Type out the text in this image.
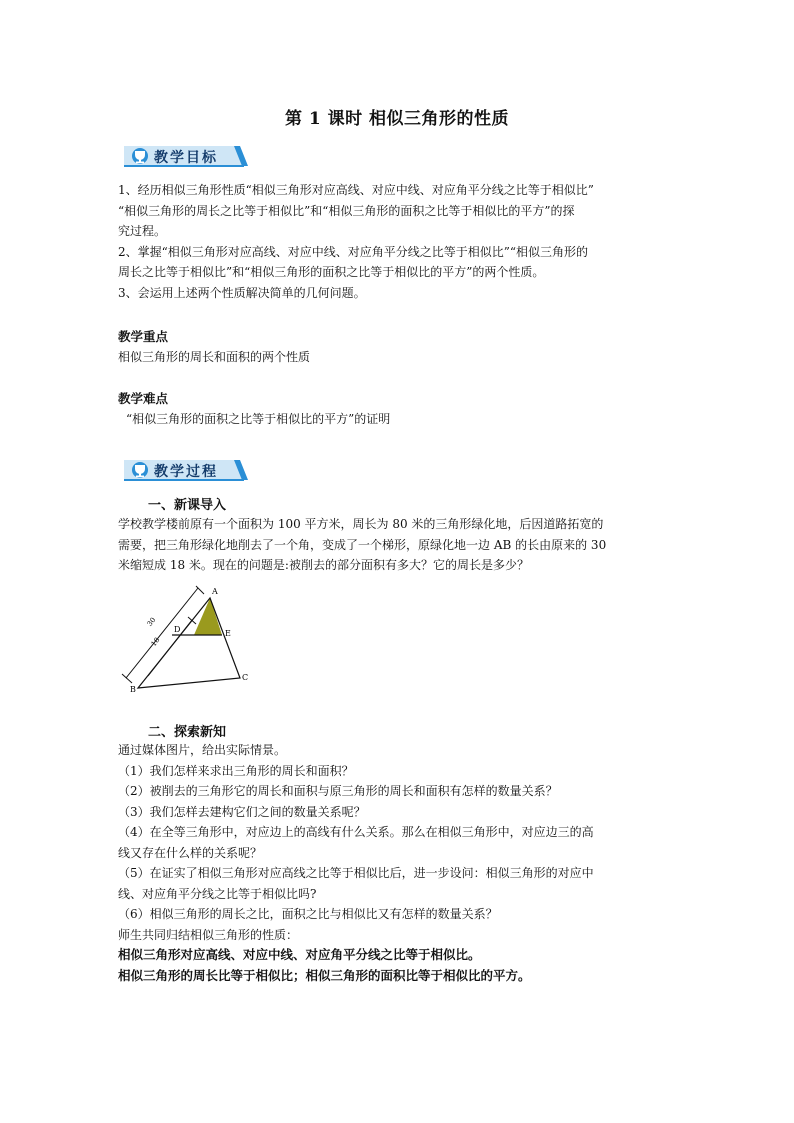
第 1 课时 相似三角形的性质
教学目标

1、经历相似三角形性质“相似三角形对应高线、对应中线、对应角平分线之比等于相似比”

“相似三角形的周长之比等于相似比”和“相似三角形的面积之比等于相似比的平方”的探

究过程。

2、掌握“相似三角形对应高线、对应中线、对应角平分线之比等于相似比”“相似三角形的

周长之比等于相似比”和“相似三角形的面积之比等于相似比的平方”的两个性质。

3、会运用上述两个性质解决简单的几何问题。

教学重点
相似三角形的周长和面积的两个性质
教学难点
“相似三角形的面积之比等于相似比的平方”的证明
教学过程
一、新课导入

学校教学楼前原有一个面积为 100 平方米，周长为 80 米的三角形绿化地，后因道路拓宽的

需要，把三角形绿化地削去了一个角，变成了一个梯形，原绿化地一边 AB 的长由原来的 30

米缩短成 18 米。现在的问题是:被削去的部分面积有多大？它的周长是多少？

A
B
C
E
D
30
18
二、探索新知

通过媒体图片，给出实际情景。

（1）我们怎样来求出三角形的周长和面积？

（2）被削去的三角形它的周长和面积与原三角形的周长和面积有怎样的数量关系？

（3）我们怎样去建构它们之间的数量关系呢？

（4）在全等三角形中，对应边上的高线有什么关系。那么在相似三角形中，对应边三的高

线又存在什么样的关系呢？

（5）在证实了相似三角形对应高线之比等于相似比后，进一步设问：相似三角形的对应中

线、对应角平分线之比等于相似比吗?

（6）相似三角形的周长之比，面积之比与相似比又有怎样的数量关系？

师生共同归结相似三角形的性质：

相似三角形对应高线、对应中线、对应角平分线之比等于相似比。

相似三角形的周长比等于相似比；相似三角形的面积比等于相似比的平方。
